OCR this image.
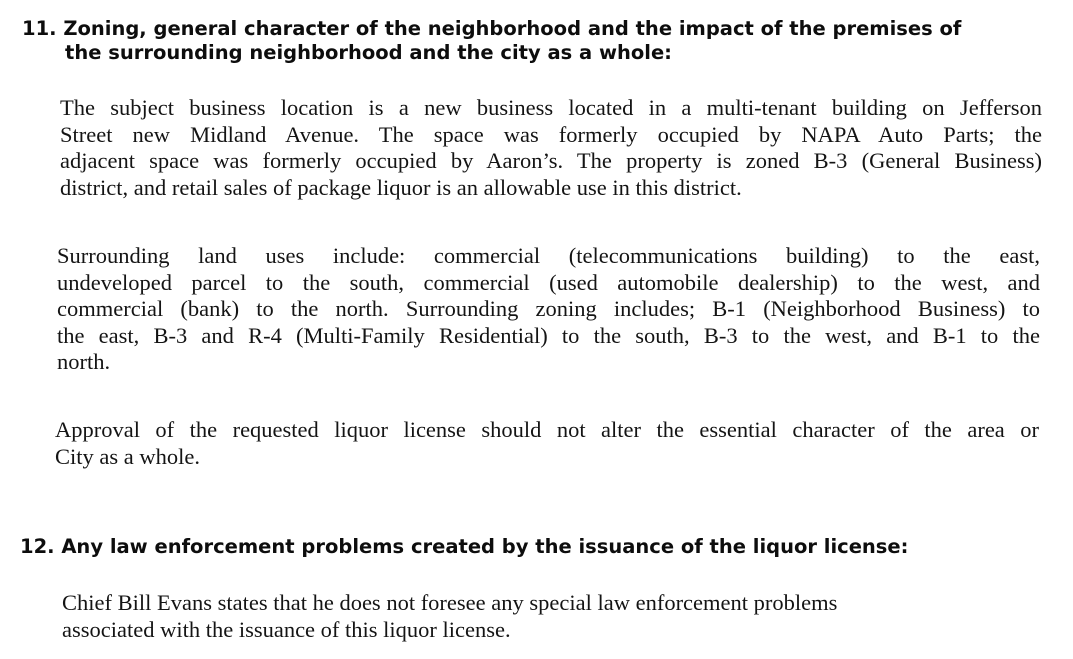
11. Zoning, general character of the neighborhood and the impact of the premises of
the surrounding neighborhood and the city as a whole:
The subject business location is a new business located in a multi-tenant building on Jefferson
Street new Midland Avenue. The space was formerly occupied by NAPA Auto Parts; the
adjacent space was formerly occupied by Aaron’s. The property is zoned B-3 (General Business)
district, and retail sales of package liquor is an allowable use in this district.
Surrounding land uses include: commercial (telecommunications building) to the east,
undeveloped parcel to the south, commercial (used automobile dealership) to the west, and
commercial (bank) to the north. Surrounding zoning includes; B-1 (Neighborhood Business) to
the east, B-3 and R-4 (Multi-Family Residential) to the south, B-3 to the west, and B-1 to the
north.
Approval of the requested liquor license should not alter the essential character of the area or
City as a whole.
12. Any law enforcement problems created by the issuance of the liquor license:
Chief Bill Evans states that he does not foresee any special law enforcement problems
associated with the issuance of this liquor license.
